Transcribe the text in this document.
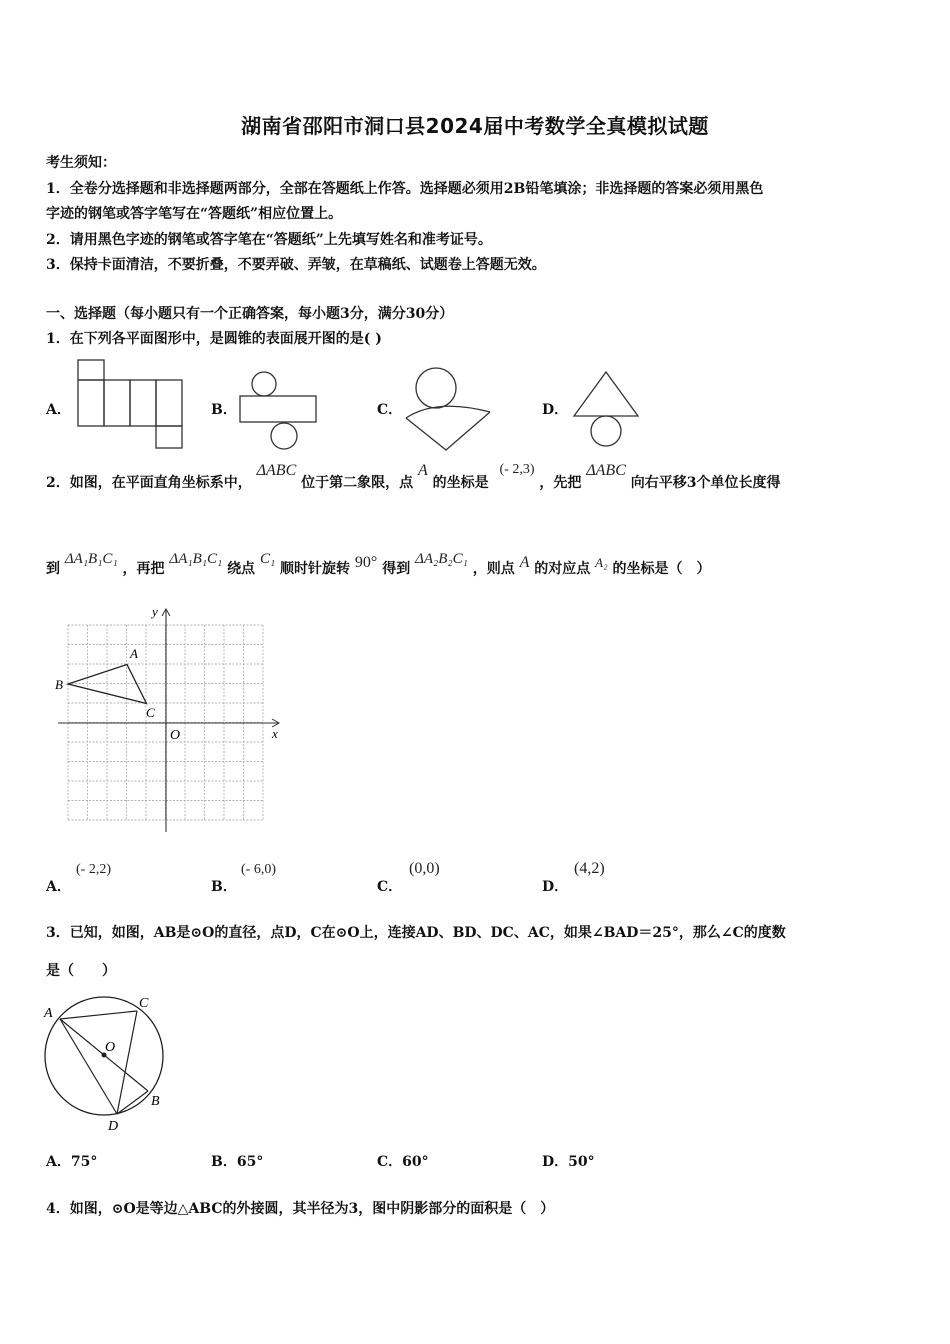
湖南省邵阳市洞口县2024届中考数学全真模拟试题
考生须知：
1．全卷分选择题和非选择题两部分，全部在答题纸上作答。选择题必须用2B铅笔填涂；非选择题的答案必须用黑色
字迹的钢笔或答字笔写在“答题纸”相应位置上。
2．请用黑色字迹的钢笔或答字笔在“答题纸”上先填写姓名和准考证号。
3．保持卡面清洁，不要折叠，不要弄破、弄皱，在草稿纸、试题卷上答题无效。
一、选择题（每小题只有一个正确答案，每小题3分，满分30分）
1．在下列各平面图形中，是圆锥的表面展开图的是( )
A．	B．	C．	D．
2．如图，在平面直角坐标系中， ΔABC 位于第二象限，点 A 的坐标是 (- 2,3) ，先把 ΔABC 向右平移3个单位长度得
到 ΔA₁B₁C₁ ，再把 ΔA₁B₁C₁ 绕点 C₁ 顺时针旋转 90° 得到 ΔA₂B₂C₁ ，则点 A 的对应点 A₂ 的坐标是（　）
y
x
O
A
B
C
A．
(- 2,2)
B．
(- 6,0)
C．
(0,0)
D．
(4,2)
3．已知，如图，AB是⊙O的直径，点D，C在⊙O上，连接AD、BD、DC、AC，如果∠BAD＝25°，那么∠C的度数
是（　　）
A
C
O
B
D
A．75°	B．65°	C．60°	D．50°
4．如图，⊙O是等边△ABC的外接圆，其半径为3，图中阴影部分的面积是（　）
